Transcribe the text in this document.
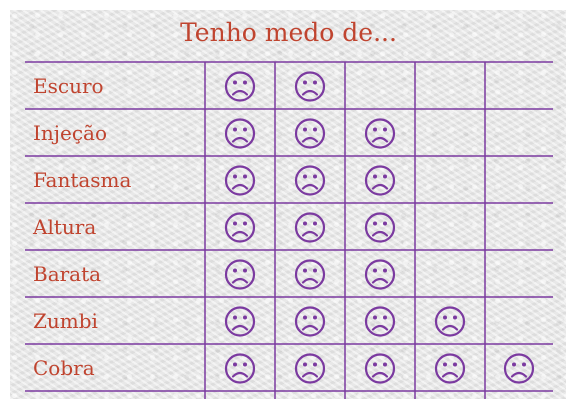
Tenho medo de...
Escuro
Injeção
Fantasma
Altura
Barata
Zumbi
Cobra
